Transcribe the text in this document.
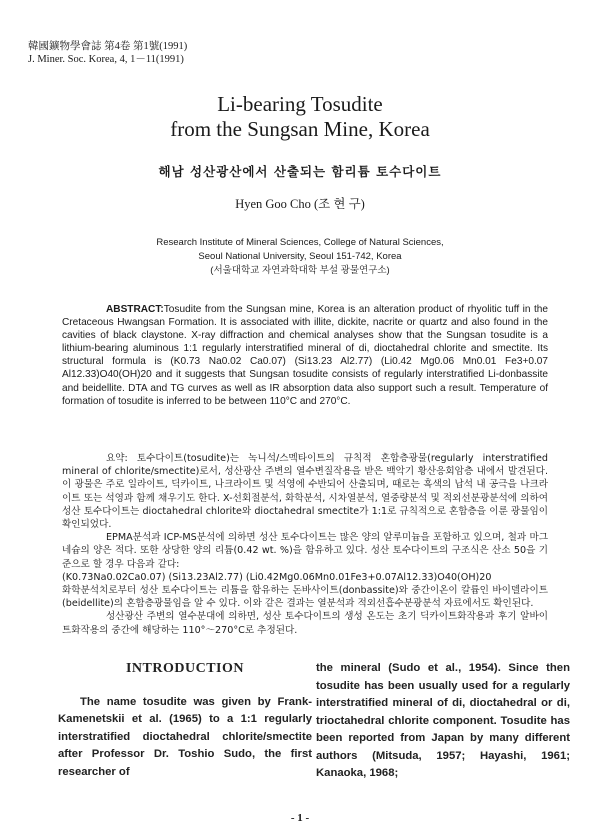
韓國鑛物學會誌 第4卷 第1號(1991)
J. Miner. Soc. Korea, 4, 1－11(1991)
Li-bearing Tosudite
from the Sungsan Mine, Korea
해남 성산광산에서 산출되는 함리튬 토수다이트
Hyen Goo Cho (조 현 구)
Research Institute of Mineral Sciences, College of Natural Sciences,
Seoul National University, Seoul 151-742, Korea
(서울대학교 자연과학대학 부설 광물연구소)

ABSTRACT:Tosudite from the Sungsan mine, Korea is an alteration product of rhyolitic tuff in the Cretaceous Hwangsan Formation. It is associated with illite, dickite, nacrite or quartz and also found in the cavities of black claystone. X-ray diffraction and chemical analyses show that the Sungsan tosudite is a lithium-bearing aluminous 1:1 regularly interstratified mineral of di, dioctahedral chlorite and smectite. Its structural formula is (K0.73 Na0.02 Ca0.07) (Si13.23 Al2.77) (Li0.42 Mg0.06 Mn0.01 Fe3+0.07 Al12.33)O40(OH)20 and it suggests that Sungsan tosudite consists of regularly interstratified Li-donbassite and beidellite. DTA and TG curves as well as IR absorption data also support such a result. Temperature of formation of tosudite is inferred to be between 110°C and 270°C.

요약: 토수다이트(tosudite)는 녹니석/스멕타이트의 규칙적 혼합층광물(regularly interstratified mineral of chlorite/smectite)로서, 성산광산 주변의 열수변질작용을 받은 백악기 황산응회암층 내에서 발견된다. 이 광물은 주로 일라이트, 딕카이트, 나크라이트 및 석영에 수반되어 산출되며, 때로는 흑색의 납석 내 공극을 나크라이트 또는 석영과 함께 채우기도 한다. X-선회절분석, 화학분석, 시차열분석, 열중량분석 및 적외선분광분석에 의하여 성산 토수다이트는 dioctahedral chlorite와 dioctahedral smectite가 1:1로 규칙적으로 혼합층을 이룬 광물임이 확인되었다.

EPMA분석과 ICP-MS분석에 의하면 성산 토수다이트는 많은 양의 알루미늄을 포함하고 있으며, 철과 마그네슘의 양은 적다. 또한 상당한 양의 리튬(0.42 wt. %)을 함유하고 있다. 성산 토수다이트의 구조식은 산소 50을 기준으로 할 경우 다음과 같다:

(K0.73Na0.02Ca0.07) (Si13.23Al2.77) (Li0.42Mg0.06Mn0.01Fe3+0.07Al12.33)O40(OH)20

화학분석치로부터 성산 토수다이트는 리튬을 함유하는 돈바사이트(donbassite)와 중간이온이 칼륨인 바이델라이트(beidellite)의 혼합층광물임을 알 수 있다. 이와 같은 결과는 열분석과 적외선흡수분광분석 자료에서도 확인된다.

성산광산 주변의 열수분대에 의하면, 성산 토수다이트의 생성 온도는 초기 딕카이트화작용과 후기 알바이트화작용의 중간에 해당하는 110°～270°C로 추정된다.

INTRODUCTION

The name tosudite was given by Frank-Kamenetskii et al. (1965) to a 1:1 regularly interstratified dioctahedral chlorite/smectite after Professor Dr. Toshio Sudo, the first researcher of

the mineral (Sudo et al., 1954). Since then tosudite has been usually used for a regularly interstratified mineral of di, dioctahedral or di, trioctahedral chlorite component. Tosudite has been reported from Japan by many different authors (Mitsuda, 1957; Hayashi, 1961; Kanaoka, 1968;

- 1 -
